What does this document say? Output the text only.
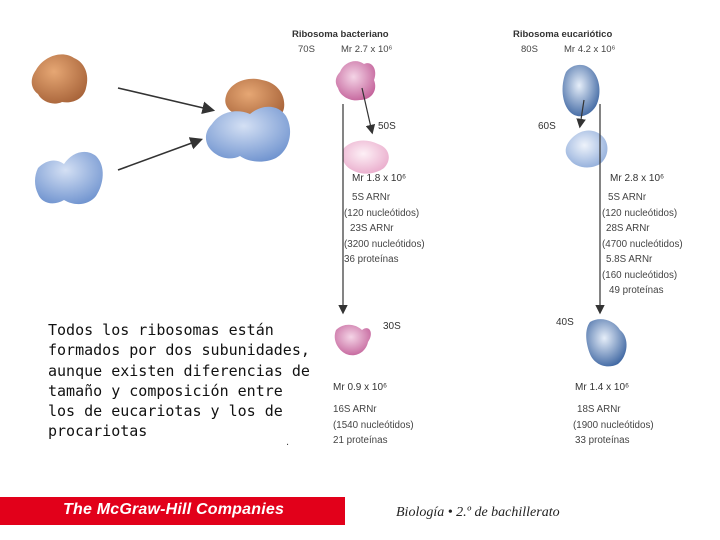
Ribosoma bacteriano
70S	Mr 2.7 x 10⁶
50S
Mr 1.8 x 10⁶
5S ARNr
(120 nucleótidos)
23S ARNr
(3200 nucleótidos)
36 proteínas
30S
Mr 0.9 x 10⁶
16S ARNr
(1540 nucleótidos)
21 proteínas
Ribosoma eucariótico
80S	Mr 4.2 x 10⁶
60S
Mr 2.8 x 10⁶
5S ARNr
(120 nucleótidos)
28S ARNr
(4700 nucleótidos)
5.8S ARNr
(160 nucleótidos)
49 proteínas
40S
Mr 1.4 x 10⁶
18S ARNr
(1900 nucleótidos)
33 proteínas
Todos los ribosomas están
formados por dos subunidades,
aunque existen diferencias de
tamaño y composición entre
los de eucariotas y los de
procariotas
.
The McGraw-Hill Companies	Biología • 2.º de bachillerato
